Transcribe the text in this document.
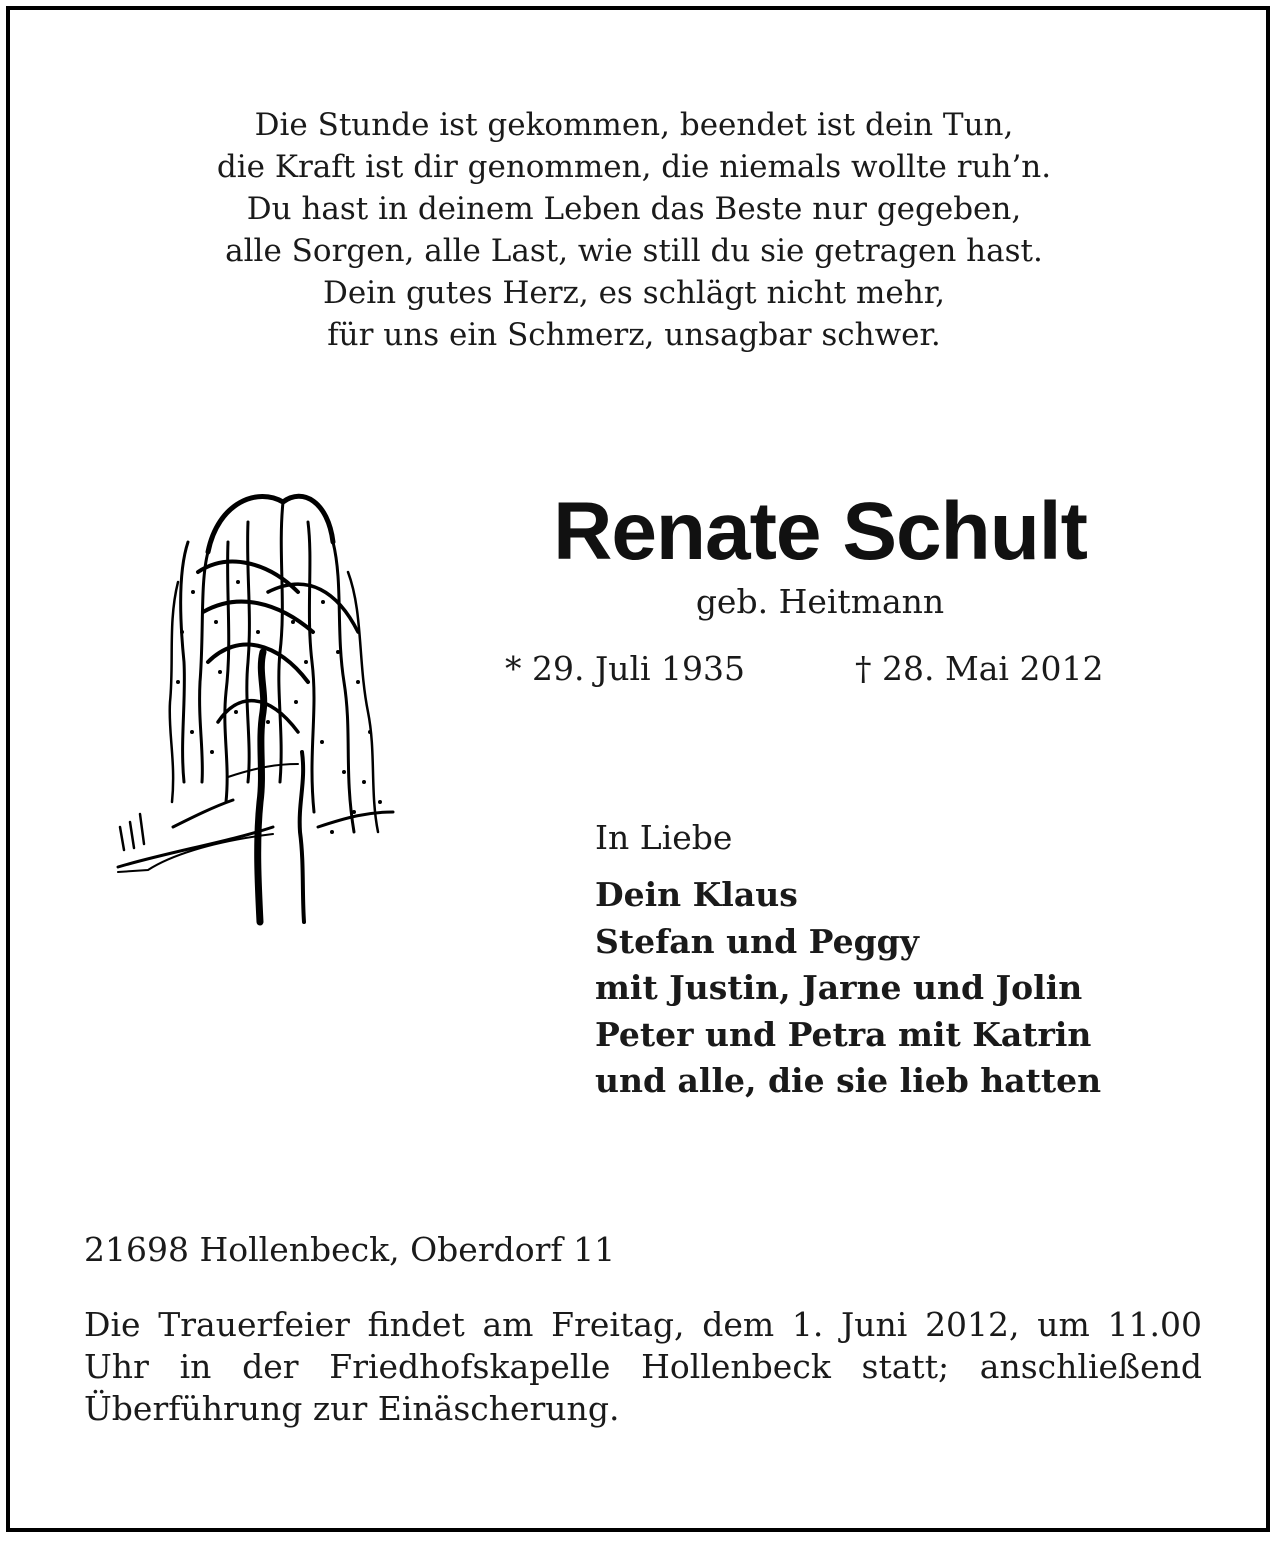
Die Stunde ist gekommen, beendet ist dein Tun,
die Kraft ist dir genommen, die niemals wollte ruh’n.
Du hast in deinem Leben das Beste nur gegeben,
alle Sorgen, alle Last, wie still du sie getragen hast.
Dein gutes Herz, es schlägt nicht mehr,
für uns ein Schmerz, unsagbar schwer.
Renate Schult
geb. Heitmann
* 29. Juli 1935	† 28. Mai 2012
In Liebe
Dein Klaus
Stefan und Peggy
mit Justin, Jarne und Jolin
Peter und Petra mit Katrin
und alle, die sie lieb hatten
21698 Hollenbeck, Oberdorf 11
Die Trauerfeier findet am Freitag, dem 1. Juni 2012, um 11.00 Uhr in der Friedhofskapelle Hollenbeck statt; anschließend Überführung zur Einäscherung.
